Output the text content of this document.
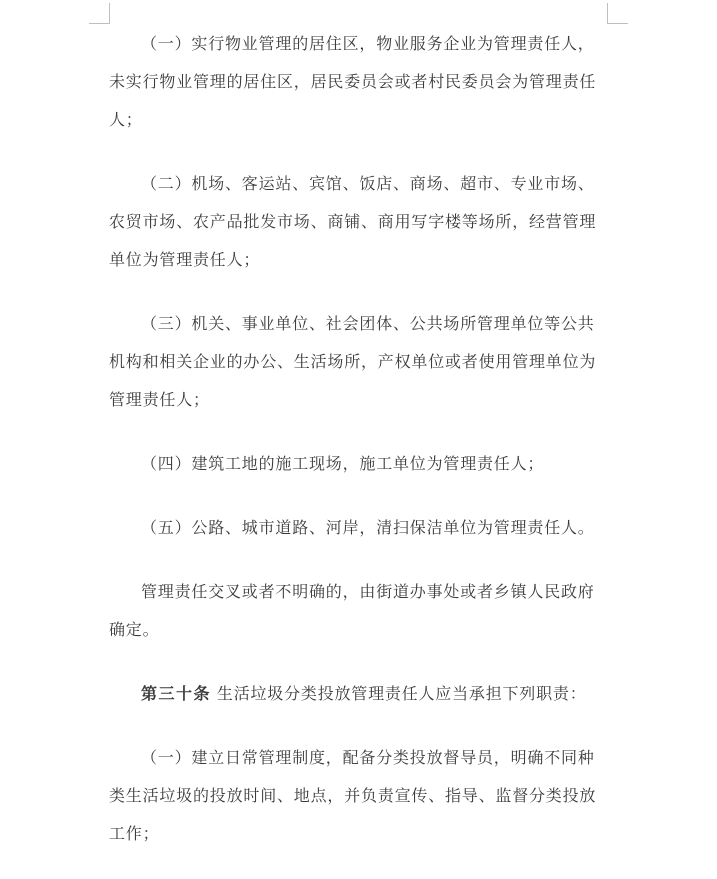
（一）实行物业管理的居住区，物业服务企业为管理责任人，未实行物业管理的居住区，居民委员会或者村民委员会为管理责任人；

（二）机场、客运站、宾馆、饭店、商场、超市、专业市场、农贸市场、农产品批发市场、商铺、商用写字楼等场所，经营管理单位为管理责任人；

（三）机关、事业单位、社会团体、公共场所管理单位等公共机构和相关企业的办公、生活场所，产权单位或者使用管理单位为管理责任人；

（四）建筑工地的施工现场，施工单位为管理责任人；

（五）公路、城市道路、河岸，清扫保洁单位为管理责任人。

管理责任交叉或者不明确的，由街道办事处或者乡镇人民政府确定。

第三十条 生活垃圾分类投放管理责任人应当承担下列职责：

（一）建立日常管理制度，配备分类投放督导员，明确不同种类生活垃圾的投放时间、地点，并负责宣传、指导、监督分类投放工作；
